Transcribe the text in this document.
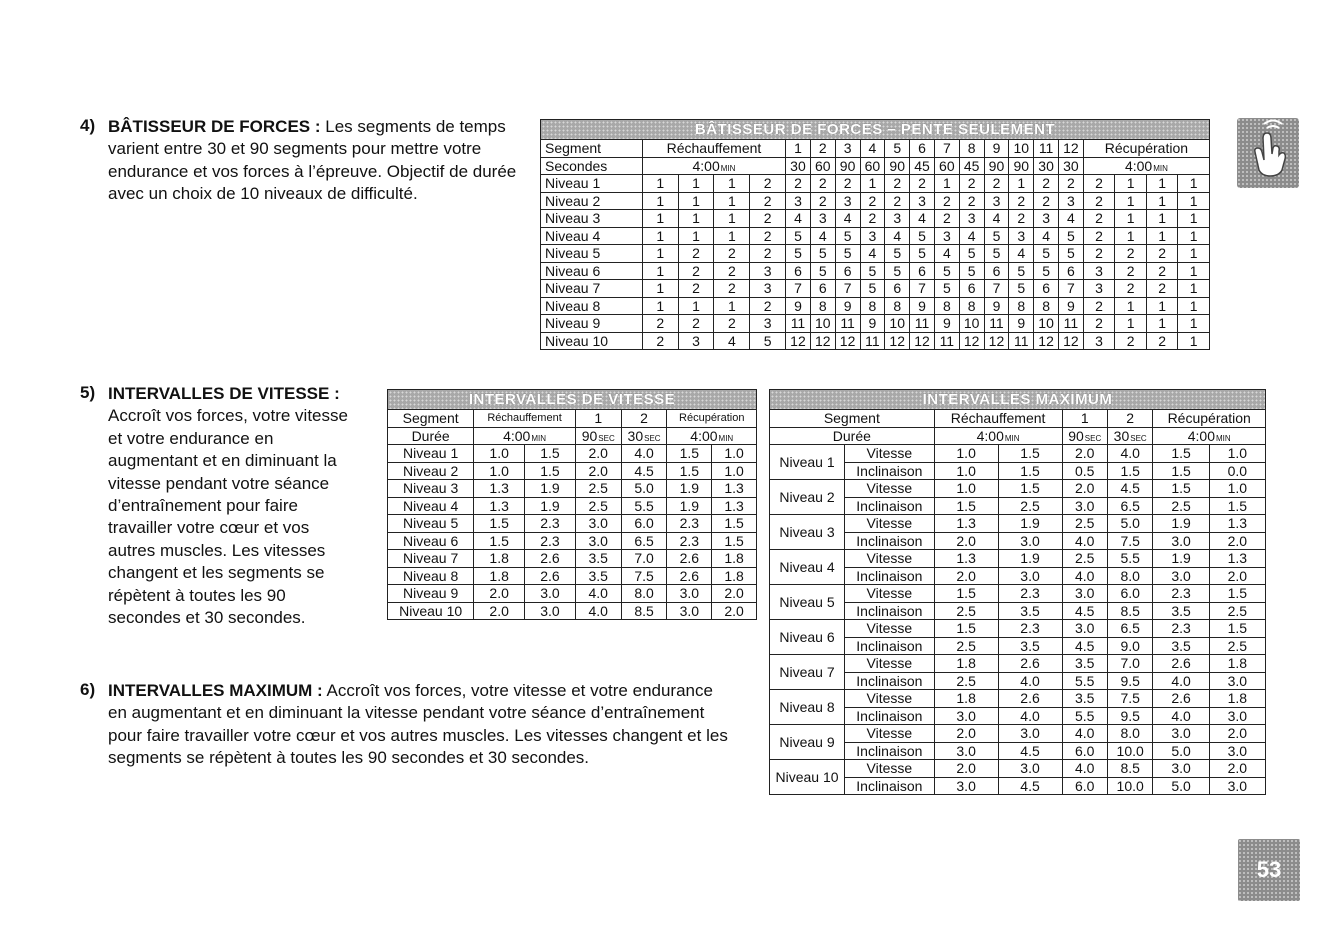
4) BÂTISSEUR DE FORCES : Les segments de temps varient entre 30 et 90 segments pour mettre votre endurance et vos forces à l’épreuve. Objectif de durée avec un choix de 10 niveaux de difficulté.
5) INTERVALLES DE VITESSE :
Accroît vos forces, votre vitesse et votre endurance en augmentant et en diminuant la vitesse pendant votre séance d’entraînement pour faire travailler votre cœur et vos autres muscles. Les vitesses changent et les segments se répètent à toutes les 90 secondes et 30 secondes.
6) INTERVALLES MAXIMUM : Accroît vos forces, votre vitesse et votre endurance en augmentant et en diminuant la vitesse pendant votre séance d’entraînement pour faire travailler votre cœur et vos autres muscles. Les vitesses changent et les segments se répètent à toutes les 90 secondes et 30 secondes.
BÂTISSEUR DE FORCES – PENTE SEULEMENT																				
Segment	Réchauffement				1	2	3	4	5	6	7	8	9	10	11	12	Récupération			
Secondes	4:00MIN				30	60	90	60	90	45	60	45	90	90	30	30	4:00MIN			
Niveau 1	1	1	1	2	2	2	2	1	2	2	1	2	2	1	2	2	2	1	1	1
Niveau 2	1	1	1	2	3	2	3	2	2	3	2	2	3	2	2	3	2	1	1	1
Niveau 3	1	1	1	2	4	3	4	2	3	4	2	3	4	2	3	4	2	1	1	1
Niveau 4	1	1	1	2	5	4	5	3	4	5	3	4	5	3	4	5	2	1	1	1
Niveau 5	1	2	2	2	5	5	5	4	5	5	4	5	5	4	5	5	2	2	2	1
Niveau 6	1	2	2	3	6	5	6	5	5	6	5	5	6	5	5	6	3	2	2	1
Niveau 7	1	2	2	3	7	6	7	5	6	7	5	6	7	5	6	7	3	2	2	1
Niveau 8	1	1	1	2	9	8	9	8	8	9	8	8	9	8	8	9	2	1	1	1
Niveau 9	2	2	2	3	11	10	11	9	10	11	9	10	11	9	10	11	2	1	1	1
Niveau 10	2	3	4	5	12	12	12	11	12	12	11	12	12	11	12	12	3	2	2	1
INTERVALLES DE VITESSE						
Segment	Réchauffement		1	2	Récupération	
Durée	4:00MIN		90SEC	30SEC	4:00MIN	
Niveau 1	1.0	1.5	2.0	4.0	1.5	1.0
Niveau 2	1.0	1.5	2.0	4.5	1.5	1.0
Niveau 3	1.3	1.9	2.5	5.0	1.9	1.3
Niveau 4	1.3	1.9	2.5	5.5	1.9	1.3
Niveau 5	1.5	2.3	3.0	6.0	2.3	1.5
Niveau 6	1.5	2.3	3.0	6.5	2.3	1.5
Niveau 7	1.8	2.6	3.5	7.0	2.6	1.8
Niveau 8	1.8	2.6	3.5	7.5	2.6	1.8
Niveau 9	2.0	3.0	4.0	8.0	3.0	2.0
Niveau 10	2.0	3.0	4.0	8.5	3.0	2.0
INTERVALLES MAXIMUM							
Segment		Réchauffement		1	2	Récupération	
Durée		4:00MIN		90SEC	30SEC	4:00MIN	
Niveau 1	Vitesse	1.0	1.5	2.0	4.0	1.5	1.0
	Inclinaison	1.0	1.5	0.5	1.5	1.5	0.0
Niveau 2	Vitesse	1.0	1.5	2.0	4.5	1.5	1.0
	Inclinaison	1.5	2.5	3.0	6.5	2.5	1.5
Niveau 3	Vitesse	1.3	1.9	2.5	5.0	1.9	1.3
	Inclinaison	2.0	3.0	4.0	7.5	3.0	2.0
Niveau 4	Vitesse	1.3	1.9	2.5	5.5	1.9	1.3
	Inclinaison	2.0	3.0	4.0	8.0	3.0	2.0
Niveau 5	Vitesse	1.5	2.3	3.0	6.0	2.3	1.5
	Inclinaison	2.5	3.5	4.5	8.5	3.5	2.5
Niveau 6	Vitesse	1.5	2.3	3.0	6.5	2.3	1.5
	Inclinaison	2.5	3.5	4.5	9.0	3.5	2.5
Niveau 7	Vitesse	1.8	2.6	3.5	7.0	2.6	1.8
	Inclinaison	2.5	4.0	5.5	9.5	4.0	3.0
Niveau 8	Vitesse	1.8	2.6	3.5	7.5	2.6	1.8
	Inclinaison	3.0	4.0	5.5	9.5	4.0	3.0
Niveau 9	Vitesse	2.0	3.0	4.0	8.0	3.0	2.0
	Inclinaison	3.0	4.5	6.0	10.0	5.0	3.0
Niveau 10	Vitesse	2.0	3.0	4.0	8.5	3.0	2.0
	Inclinaison	3.0	4.5	6.0	10.0	5.0	3.0
53
